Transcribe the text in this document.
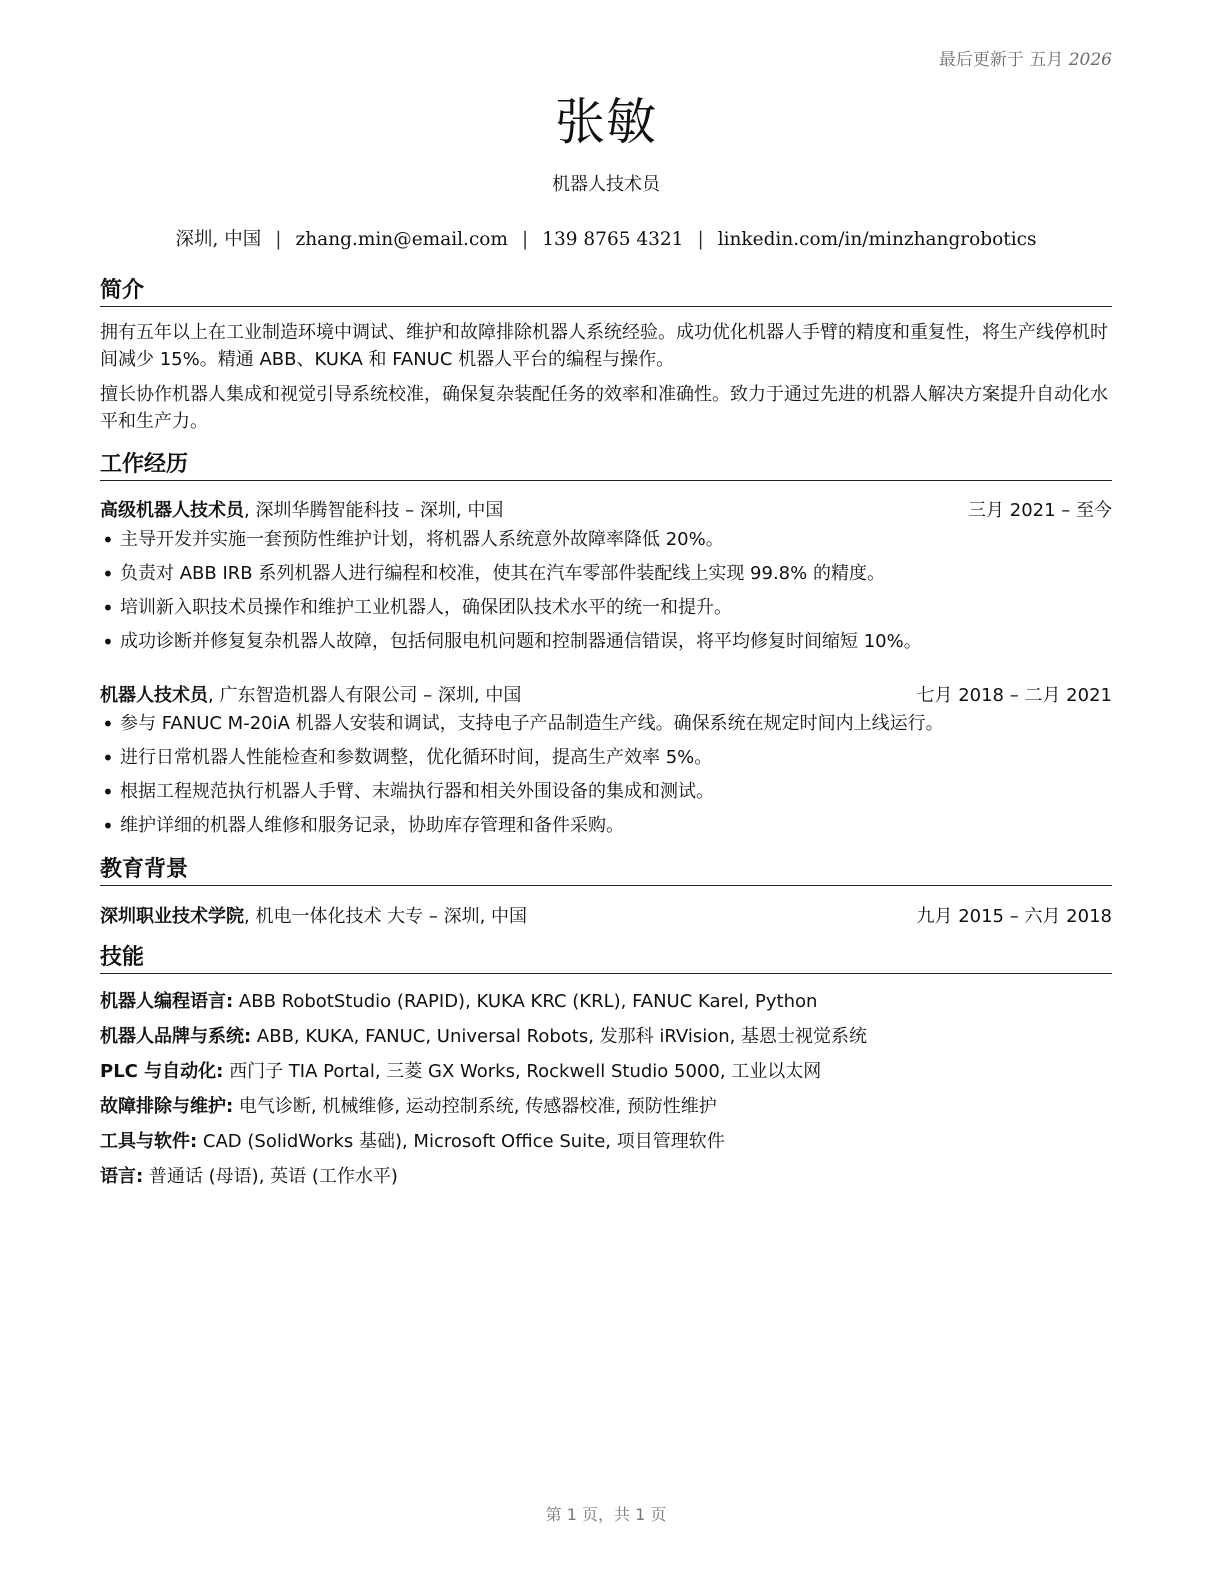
最后更新于 五月 2026
张敏
机器人技术员
深圳, 中国 | zhang.min@email.com | 139 8765 4321 | linkedin.com/in/minzhangrobotics
简介
拥有五年以上在工业制造环境中调试、维护和故障排除机器人系统经验。成功优化机器人手臂的精度和重复性，将生产线停机时间减少 15%。精通 ABB、KUKA 和 FANUC 机器人平台的编程与操作。
擅长协作机器人集成和视觉引导系统校准，确保复杂装配任务的效率和准确性。致力于通过先进的机器人解决方案提升自动化水平和生产力。
工作经历
高级机器人技术员, 深圳华腾智能科技 – 深圳, 中国	三月 2021 – 至今
• 主导开发并实施一套预防性维护计划，将机器人系统意外故障率降低 20%。
• 负责对 ABB IRB 系列机器人进行编程和校准，使其在汽车零部件装配线上实现 99.8% 的精度。
• 培训新入职技术员操作和维护工业机器人，确保团队技术水平的统一和提升。
• 成功诊断并修复复杂机器人故障，包括伺服电机问题和控制器通信错误，将平均修复时间缩短 10%。
机器人技术员, 广东智造机器人有限公司 – 深圳, 中国	七月 2018 – 二月 2021
• 参与 FANUC M-20iA 机器人安装和调试，支持电子产品制造生产线。确保系统在规定时间内上线运行。
• 进行日常机器人性能检查和参数调整，优化循环时间，提高生产效率 5%。
• 根据工程规范执行机器人手臂、末端执行器和相关外围设备的集成和测试。
• 维护详细的机器人维修和服务记录，协助库存管理和备件采购。
教育背景
深圳职业技术学院, 机电一体化技术 大专 – 深圳, 中国	九月 2015 – 六月 2018
技能
机器人编程语言: ABB RobotStudio (RAPID), KUKA KRC (KRL), FANUC Karel, Python
机器人品牌与系统: ABB, KUKA, FANUC, Universal Robots, 发那科 iRVision, 基恩士视觉系统
PLC 与自动化: 西门子 TIA Portal, 三菱 GX Works, Rockwell Studio 5000, 工业以太网
故障排除与维护: 电气诊断, 机械维修, 运动控制系统, 传感器校准, 预防性维护
工具与软件: CAD (SolidWorks 基础), Microsoft Office Suite, 项目管理软件
语言: 普通话 (母语), 英语 (工作水平)
第 1 页，共 1 页
